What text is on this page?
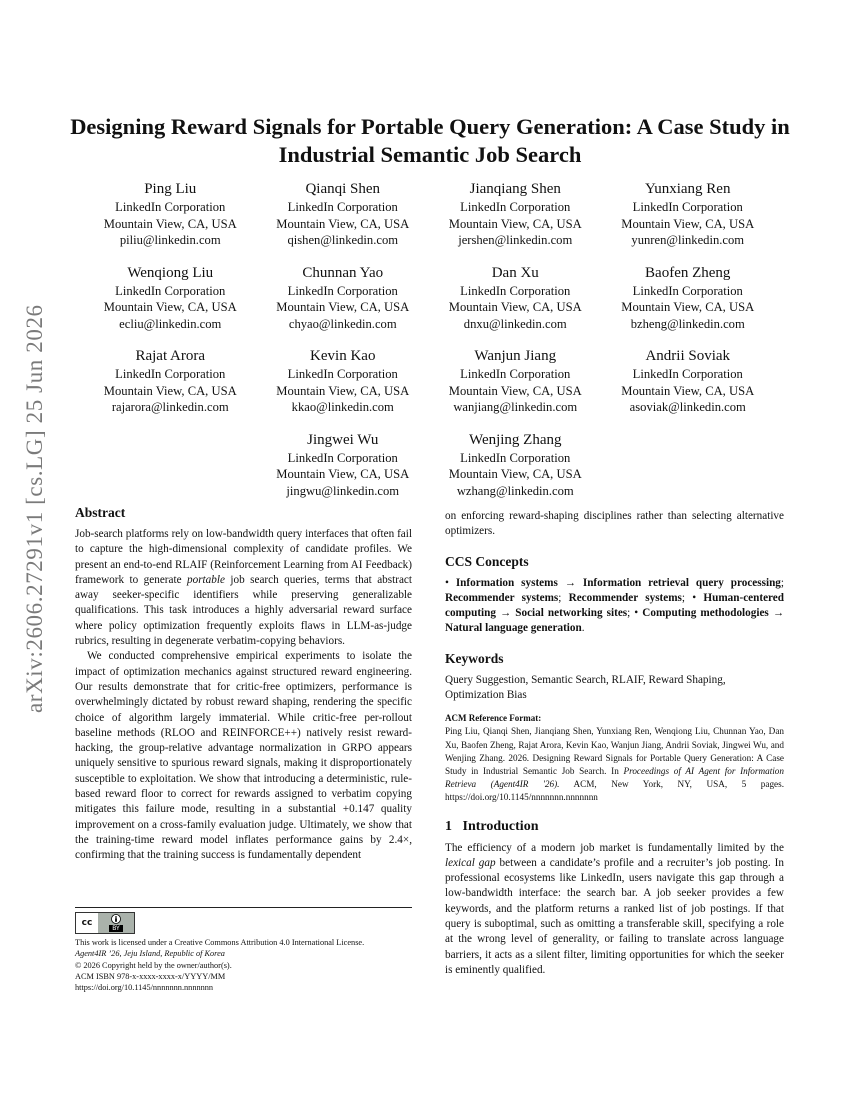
arXiv:2606.27291v1 [cs.LG] 25 Jun 2026
Designing Reward Signals for Portable Query Generation: A Case Study in Industrial Semantic Job Search
Ping Liu
LinkedIn Corporation
Mountain View, CA, USA
piliu@linkedin.com
Qianqi Shen
LinkedIn Corporation
Mountain View, CA, USA
qishen@linkedin.com
Jianqiang Shen
LinkedIn Corporation
Mountain View, CA, USA
jershen@linkedin.com
Yunxiang Ren
LinkedIn Corporation
Mountain View, CA, USA
yunren@linkedin.com
Wenqiong Liu
LinkedIn Corporation
Mountain View, CA, USA
ecliu@linkedin.com
Chunnan Yao
LinkedIn Corporation
Mountain View, CA, USA
chyao@linkedin.com
Dan Xu
LinkedIn Corporation
Mountain View, CA, USA
dnxu@linkedin.com
Baofen Zheng
LinkedIn Corporation
Mountain View, CA, USA
bzheng@linkedin.com
Rajat Arora
LinkedIn Corporation
Mountain View, CA, USA
rajarora@linkedin.com
Kevin Kao
LinkedIn Corporation
Mountain View, CA, USA
kkao@linkedin.com
Wanjun Jiang
LinkedIn Corporation
Mountain View, CA, USA
wanjiang@linkedin.com
Andrii Soviak
LinkedIn Corporation
Mountain View, CA, USA
asoviak@linkedin.com
Jingwei Wu
LinkedIn Corporation
Mountain View, CA, USA
jingwu@linkedin.com
Wenjing Zhang
LinkedIn Corporation
Mountain View, CA, USA
wzhang@linkedin.com
Abstract

Job-search platforms rely on low-bandwidth query interfaces that often fail to capture the high-dimensional complexity of candidate profiles. We present an end-to-end RLAIF (Reinforcement Learning from AI Feedback) framework to generate portable job search queries, terms that abstract away seeker-specific identifiers while preserving generalizable qualifications. This task introduces a highly adversarial reward surface where policy optimization frequently exploits flaws in LLM-as-judge rubrics, resulting in degenerate verbatim-copying behaviors.

We conducted comprehensive empirical experiments to isolate the impact of optimization mechanics against structured reward engineering. Our results demonstrate that for critic-free optimizers, performance is overwhelmingly dictated by robust reward shaping, rendering the specific choice of algorithm largely immaterial. While critic-free per-rollout baseline methods (RLOO and REINFORCE++) natively resist reward-hacking, the group-relative advantage normalization in GRPO appears uniquely sensitive to spurious reward signals, making it disproportionately susceptible to exploitation. We show that introducing a deterministic, rule-based reward floor to correct for rewards assigned to verbatim copying mitigates this failure mode, resulting in a substantial +0.147 quality improvement on a cross-family evaluation judge. Ultimately, we show that the training-time reward model inflates performance gains by 2.4×, confirming that the training success is fundamentally dependent

cc
BY

This work is licensed under a Creative Commons Attribution 4.0 International License.

Agent4IR ’26, Jeju Island, Republic of Korea

© 2026 Copyright held by the owner/author(s).

ACM ISBN 978-x-xxxx-xxxx-x/YYYY/MM

https://doi.org/10.1145/nnnnnnn.nnnnnnn

on enforcing reward-shaping disciplines rather than selecting alternative optimizers.

CCS Concepts

• Information systems → Information retrieval query processing; Recommender systems; Recommender systems; • Human-centered computing → Social networking sites; • Computing methodologies → Natural language generation.

Keywords

Query Suggestion, Semantic Search, RLAIF, Reward Shaping, Optimization Bias

ACM Reference Format:

Ping Liu, Qianqi Shen, Jianqiang Shen, Yunxiang Ren, Wenqiong Liu, Chunnan Yao, Dan Xu, Baofen Zheng, Rajat Arora, Kevin Kao, Wanjun Jiang, Andrii Soviak, Jingwei Wu, and Wenjing Zhang. 2026. Designing Reward Signals for Portable Query Generation: A Case Study in Industrial Semantic Job Search. In Proceedings of AI Agent for Information Retrieva (Agent4IR '26). ACM, New York, NY, USA, 5 pages. https://doi.org/10.1145/nnnnnnn.nnnnnnn

1 Introduction

The efficiency of a modern job market is fundamentally limited by the lexical gap between a candidate’s profile and a recruiter’s job posting. In professional ecosystems like LinkedIn, users navigate this gap through a low-bandwidth interface: the search bar. A job seeker provides a few keywords, and the platform returns a ranked list of job postings. If that query is suboptimal, such as omitting a transferable skill, specifying a role at the wrong level of generality, or failing to translate across language barriers, it acts as a silent filter, limiting opportunities for which the seeker is eminently qualified.
